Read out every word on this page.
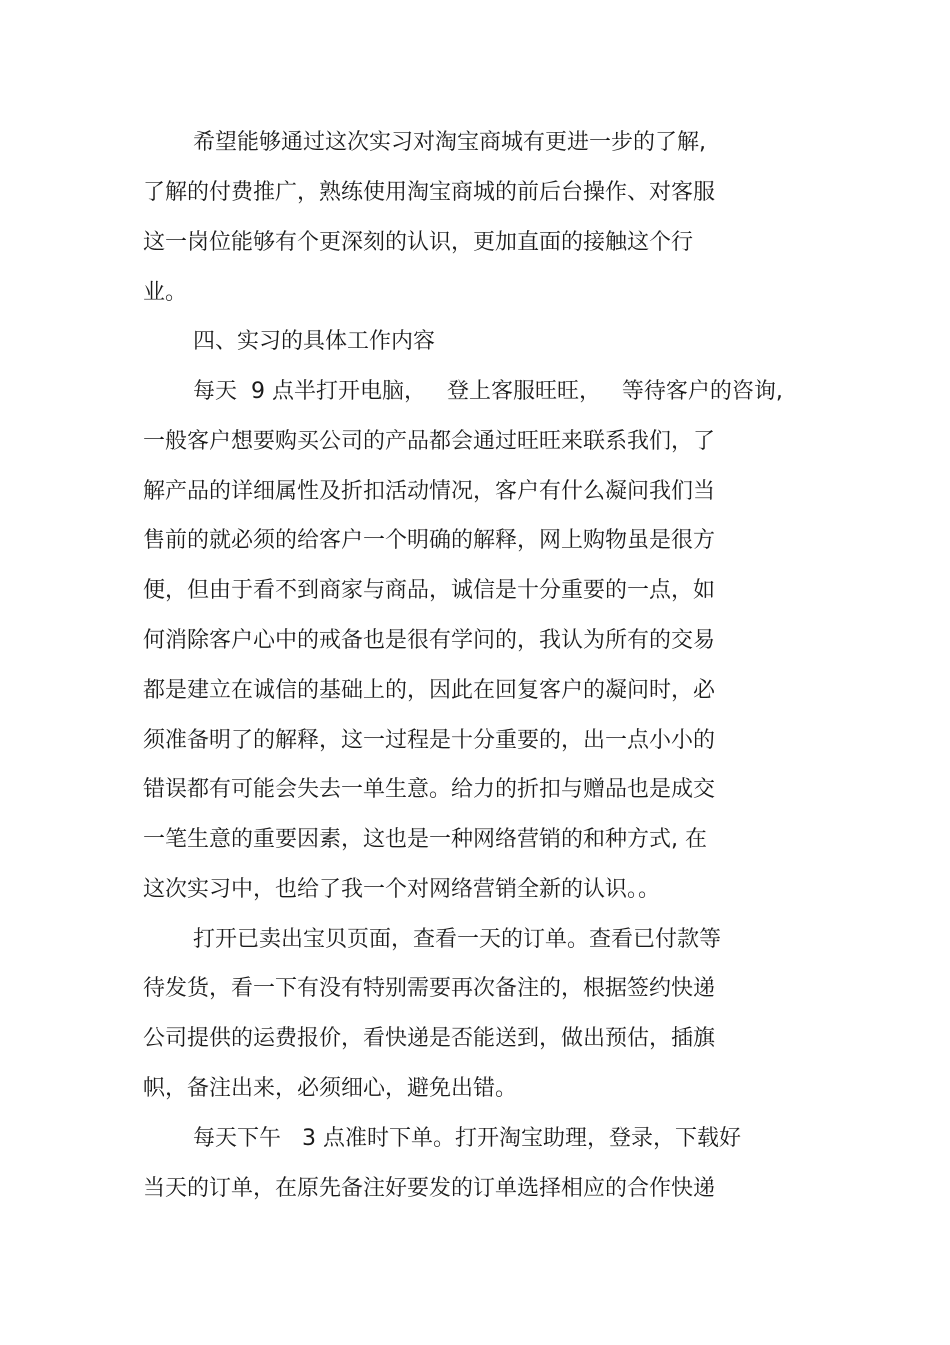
希望能够通过这次实习对淘宝商城有更进一步的了解,
了解的付费推广，熟练使用淘宝商城的前后台操作、对客服
这一岗位能够有个更深刻的认识，更加直面的接触这个行
业。
四、实习的具体工作内容
每天  9 点半打开电脑，   登上客服旺旺，   等待客户的咨询,
一般客户想要购买公司的产品都会通过旺旺来联系我们，了
解产品的详细属性及折扣活动情况，客户有什么凝问我们当
售前的就必须的给客户一个明确的解释，网上购物虽是很方
便，但由于看不到商家与商品，诚信是十分重要的一点，如
何消除客户心中的戒备也是很有学问的，我认为所有的交易
都是建立在诚信的基础上的，因此在回复客户的凝问时，必
须准备明了的解释，这一过程是十分重要的，出一点小小的
错误都有可能会失去一单生意。给力的折扣与赠品也是成交
一笔生意的重要因素，这也是一种网络营销的和种方式, 在
这次实习中，也给了我一个对网络营销全新的认识。。
打开已卖出宝贝页面，查看一天的订单。查看已付款等
待发货，看一下有没有特别需要再次备注的，根据签约快递
公司提供的运费报价，看快递是否能送到，做出预估，插旗
帜，备注出来，必须细心，避免出错。
每天下午   3 点准时下单。打开淘宝助理，登录，下载好
当天的订单，在原先备注好要发的订单选择相应的合作快递
